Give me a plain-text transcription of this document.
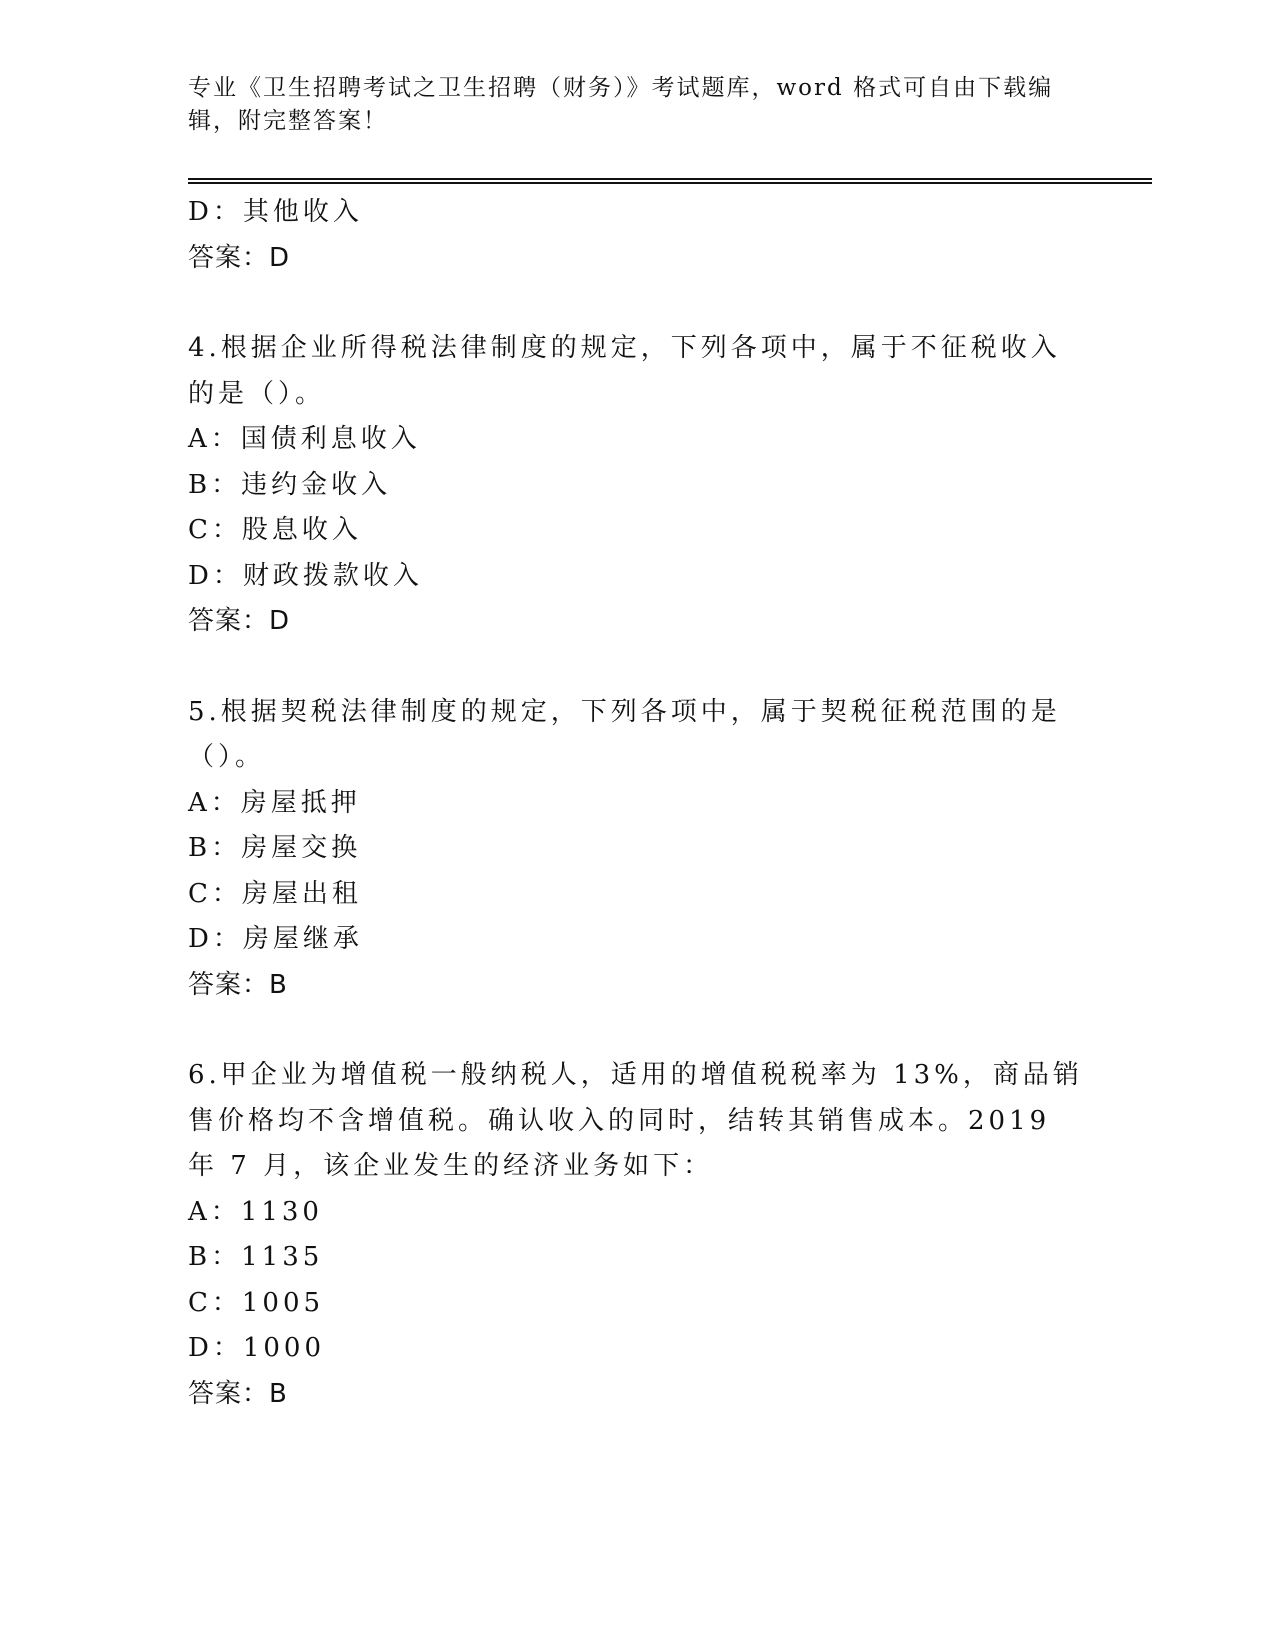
专业《卫生招聘考试之卫生招聘（财务）》考试题库，word 格式可自由下载编辑，附完整答案！
D：其他收入
答案：D
4.根据企业所得税法律制度的规定，下列各项中，属于不征税收入的是（）。
A：国债利息收入
B：违约金收入
C：股息收入
D：财政拨款收入
答案：D
5.根据契税法律制度的规定，下列各项中，属于契税征税范围的是（）。
A：房屋抵押
B：房屋交换
C：房屋出租
D：房屋继承
答案：B
6.甲企业为增值税一般纳税人，适用的增值税税率为 13%，商品销售价格均不含增值税。确认收入的同时，结转其销售成本。2019 年 7 月，该企业发生的经济业务如下：
A：1130
B：1135
C：1005
D：1000
答案：B
